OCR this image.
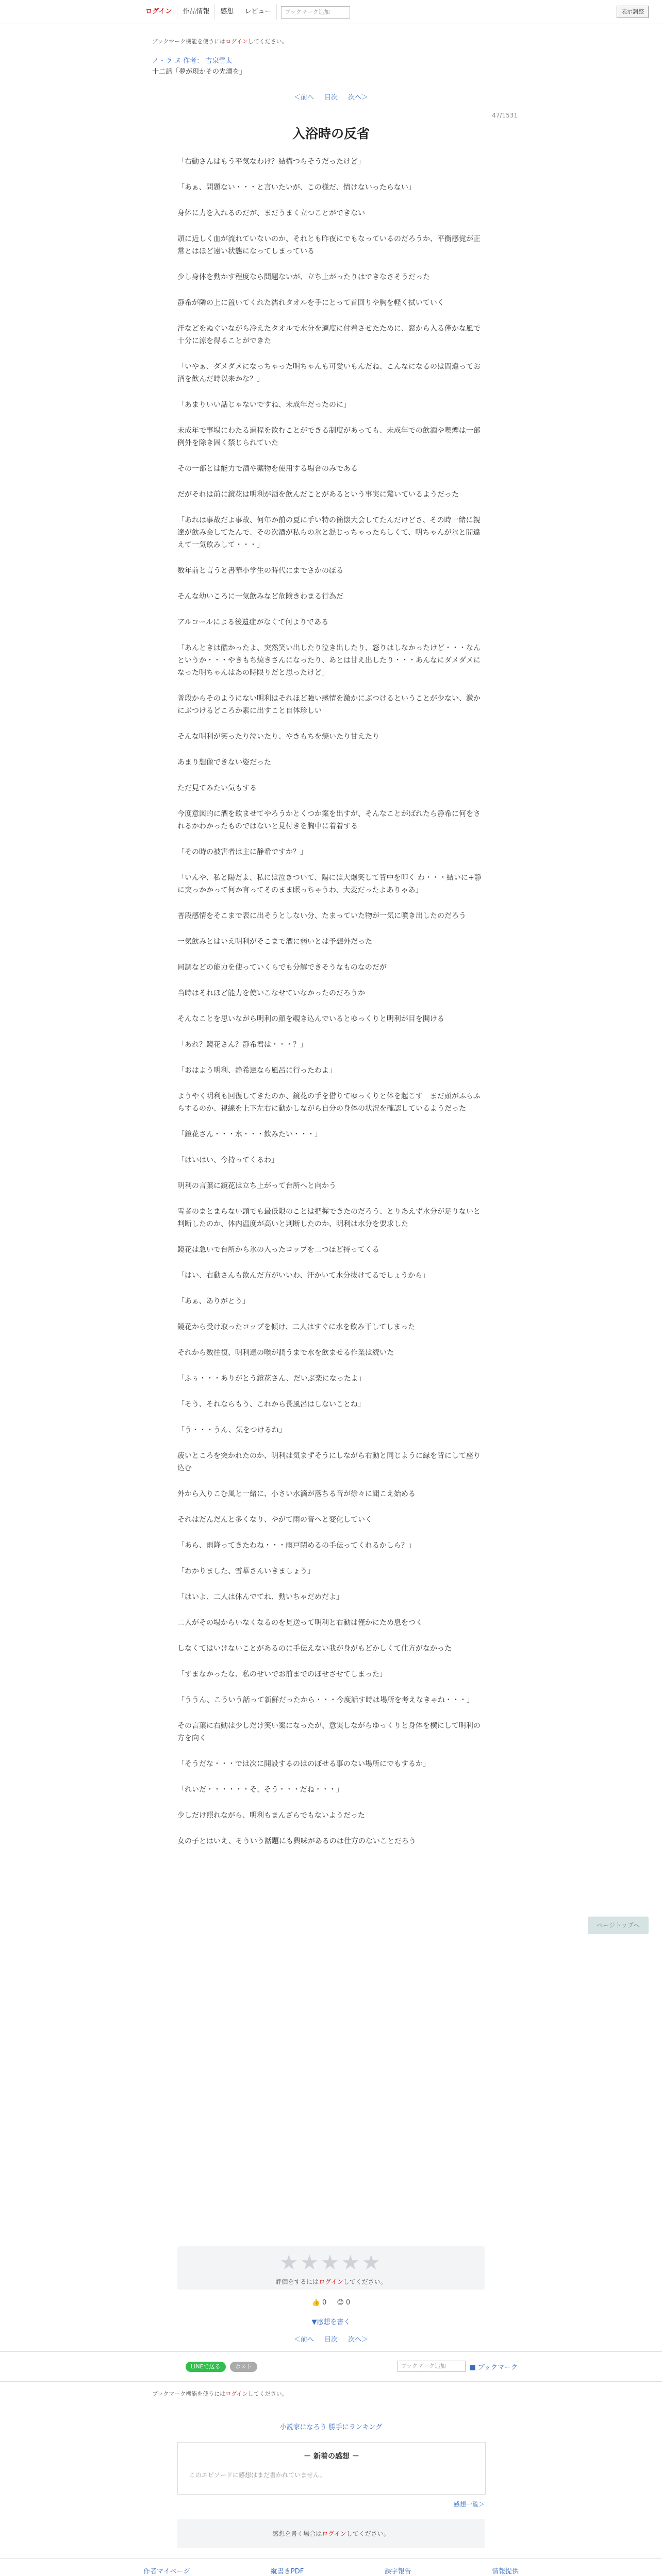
ログイン	作品情報	感想	レビュー	ブックマーク追加	表示調整
ブックマーク機能を使うにはログインしてください。
ノ・ラ ヌ 作者： 吉泉雪太
十二話「夢が現かその先漂を」
＜前へ 目次 次へ＞
47/1531
入浴時の反省

「右動さんはもう平気なわけ？結構つらそうだったけど」

「あぁ、問題ない・・・と言いたいが、この様だ、情けないったらない」

身体に力を入れるのだが、まだうまく立つことができない

頭に近しく血が流れていないのか、それとも昨夜にでもなっているのだろうか、平衡感覚が正常とはほど遠い状態になってしまっている

少し身体を動かす程度なら問題ないが、立ち上がったりはできなさそうだった

静希が隣の上に置いてくれた濡れタオルを手にとって首回りや胸を軽く拭いていく

汗などをぬぐいながら冷えたタオルで水分を適度に付着させたために、窓から入る僅かな風で十分に涼を得ることができた

「いやぁ、ダメダメになっちゃった明ちゃんも可愛いもんだね、こんなになるのは間違ってお酒を飲んだ時以来かな？」

「あまりいい話じゃないですね、未成年だったのに」

未成年で事場にわたる過程を飲むことができる制度があっても、未成年での飲酒や喫煙は一部例外を除き固く禁じられていた

その一部とは能力で酒や薬物を使用する場合のみである

だがそれは前に鏡花は明利が酒を飲んだことがあるという事実に驚いているようだった

「あれは事故だよ事故、何年か前の夏に手い特の簡懐大会してたんだけどさ、その時一緒に親達が飲み会してたんで、その次酒が私らの氷と混じっちゃったらしくて、明ちゃんが氷と間違えて一気飲みして・・・」

数年前と言うと書華小学生の時代にまでさかのぼる

そんな幼いころに一気飲みなど危険きわまる行為だ

アルコールによる後遺症がなくて何よりである

「あんときは酷かったよ、突然笑い出したり泣き出したり、怒りはしなかったけど・・・なんというか・・・やきもち焼きさんになったり、あとは甘え出したり・・・あんなにダメダメになった明ちゃんはあの時限りだと思ったけど」

普段からそのようにない明利はそれほど強い感情を激かにぶつけるということが少ない、激かにぶつけるどころか素に出すこと自体珍しい

そんな明利が笑ったり泣いたり、やきもちを焼いたり甘えたり

あまり想像できない姿だった

ただ見てみたい気もする

今度意図的に酒を飲ませてやろうかとくつか案を出すが、そんなことがばれたら静希に何をされるかわかったものではないと見付きを胸中に着着する

「その時の被害者は主に静希ですか？」

「いんや、私と陽だよ、私には泣きついて、陽には大爆笑して背中を叩く わ・・・結いに+静に突っかかって何か言ってそのまま眠っちゃうわ、大変だったよありゃあ」

普段感情をそこまで表に出そうとしない分、たまっていた物が一気に噴き出したのだろう

一気飲みとはいえ明利がそこまで酒に弱いとは予想外だった

同調などの能力を使っていくらでも分解できそうなものなのだが

当時はそれほど能力を使いこなせていなかったのだろうか

そんなことを思いながら明利の顔を覗き込んでいるとゆっくりと明利が目を開ける

「あれ？鏡花さん？静希君は・・・？」

「おはよう明利、静希達なら風呂に行ったわよ」

ようやく明利も回復してきたのか、鏡花の手を借りてゆっくりと体を起こす　まだ頭がふらふらするのか、視線を上下左右に動かしながら自分の身体の状況を確認しているようだった

「鏡花さん・・・水・・・飲みたい・・・」

「はいはい、今持ってくるわ」

明利の言葉に鏡花は立ち上がって台所へと向かう

雪者のまとまらない頭でも最低限のことは把握できたのだろう、とりあえず水分が足りないと判断したのか、体内温度が高いと判断したのか、明利は水分を要求した

鏡花は急いで台所から氷の入ったコップを二つほど持ってくる

「はい、右動さんも飲んだ方がいいわ、汗かいて水分抜けてるでしょうから」

「あぁ、ありがとう」

鏡花から受け取ったコップを傾け、二人はすぐに水を飲み干してしまった

それから数往復、明利達の喉が潤うまで水を飲ませる作業は続いた

「ふぅ・・・ありがとう鏡花さん、だいぶ楽になったよ」

「そう、それならもう、これから長風呂はしないことね」

「う・・・うん、気をつけるね」

疲いところを突かれたのか、明利は気まずそうにしながら右動と同じように縁を背にして座り込む

外から入りこむ風と一緒に、小さい水滴が落ちる音が徐々に聞こえ始める

それはだんだんと多くなり、やがて雨の音へと変化していく

「あら、雨降ってきたわね・・・雨戸閉めるの手伝ってくれるかしら？」

「わかりました、雪華さんいきましょう」

「はいよ、二人は休んでてね、動いちゃだめだよ」

二人がその場からいなくなるのを見送って明利と右動は僅かにため息をつく

しなくてはいけないことがあるのに手伝えない我が身がもどかしくて仕方がなかった

「すまなかったな、私のせいでお前までのぼせさせてしまった」

「ううん、こういう話って新鮮だったから・・・今度話す時は場所を考えなきゃね・・・」

その言葉に右動は少しだけ笑い案になったが、意実しながらゆっくりと身体を横にして明利の方を向く

「そうだな・・・では次に開設するのはのぼせる事のない場所にでもするか」

「れいだ・・・・・・そ、そう・・・だね・・・」

少しだけ照れながら、明利もまんざらでもないようだった

女の子とはいえ、そういう話題にも興味があるのは仕方のないことだろう

ページトップへ
★★★★★
評価をするにはログインしてください。
👍 0 😊 0
▼感想を書く
＜前へ 目次 次へ＞
LINEで送る	ポスト	ブックマーク追加	■ ブックマーク
ブックマーク機能を使うにはログインしてください。
小説家になろう 勝手にランキング
－ 新着の感想 －
このエピソードに感想はまだ書かれていません。
感想一覧＞
感想を書く場合はログインしてください。
作者マイページ	縦書きPDF	誤字報告	情報提供
